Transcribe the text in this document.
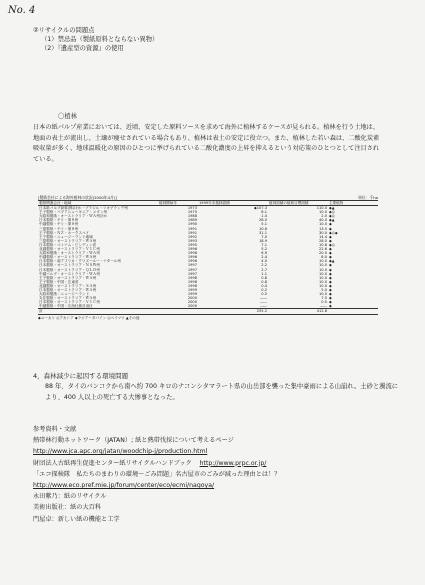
No. 4
②リサイクルの問題点
（1）禁忌品（製紙原料とならない異物）
（2）『遺産型の資源』の使用
〇植林
日本の紙パルプ産業においては、近頃、安定した原料ソースを求めて海外に植林するケースが見られる。植林を行う土地は、地面の表土が流出し、土壌が痩せされている場合もあり、植林は表土の安定に役立つ。また、植林した若い森は、二酸化炭素吸収量が多く、地球温暖化の原因のひとつに挙げられている二酸化濃度の上昇を抑えるという対応策のひとつとして注目されている。
[製紙会社による海外植林の状況(2000年4月)]	単位：千ha
製紙関連会社・地域	植林開始年	1999年末植林面積	植林面積の植林目標面積	主要植物
日本紙パルプ商事(株)ほか・ブラジル・リオグランデ州	1973	◆107.3	110.0	◆▲
王子製紙・パプアニューギニア・メダン州	1975	8.1	10.0	◆◎
大昭和製紙・オーストラリア・ＷＡ州ほか	1988	1.4	2.0	◆◎
日本製紙・チリ・第８州	1989	28.0	40.0	◆▲
中越製紙・チリ・第８州	1990	5.1	10.0	◆
三菱製紙・チリ・第８州	1991	10.8	13.5	◆
王子製紙・ＮＺ・ホークスベイ	1991	31.1	30.0	◆◎◆
王子製紙・ニュージーランド地域	1992	7.0	14.4	◆
三菱製紙・オーストラリア・ＷＡ州	1993	18.9	28.0	◆
日本製紙・ベトナム・ビンディン省	1995	7.1	10.8	◆◎
北越製紙・オーストラリア・ＶＩＣ州	1996	5.2	22.6	◆
大昭和製紙・オーストラリア・ＷＡ州	1996	6.9	20.0	◆
中越製紙・オーストラリア・ＷＡ州	1996	2.4	8.0	◆
日本製紙・南アフリカ・クワズールー・ナタール州	1996	4.0	10.0	◆▲
日本製紙・オーストラリア・ＮＳＷ州	1997	2.2	10.0	◆
日本製紙・オーストラリア・ＱＬＤ州	1997	2.7	10.0	◆
中越パルプ・オーストラリア・ＷＡ州	1997	1.1	10.0	◆
王子製紙・オーストラリア・ＷＡ州	1998	0.8	10.0	◆
王子製紙・中国・広東省	1998	0.8	10.0	◆
北越製紙・オーストラリア・ＳＡ州	1998	0.4	10.0	◆
日本製紙・オーストラリア・ＷＡ州	1999	0.2	5.0	◆
大昭和製紙・ニュージーランド	1999	0.5	10.0	◆
丸住製紙・オーストラリア・ＷＡ州	2000	――	7.5	◆
日本製紙・オーストラリア・ＶＩＣ州	2000	――	0.5	◆
中越製紙・中国・広西壮族自治区	2000	――	――	◆
計		255.2	412.8	
◆ユーカリ ◎アカシア ◆ラジアータパイン ◎ベイマツ ▲その他
4，森林減少に起因する環境問題
88 年、タイのバンコクから南へ約 700 キロのナコンシタマラート県の山岳部を襲った集中豪雨による山崩れ。土砂と濁流により、400 人以上の死亡する大惨事となった。
参考資料・文献
熱帯林行動ネットワーク（JATAN）; 紙と熱帯伐採について考えるページ
http://www.jca.apc.org/jatan/woodchip-j/production.html
財団法人古紙再生促進センター紙リサイクルハンドブック http://www.prpc.or.jp/
「エコ探検隊　私たちのまわりの環境～ごみ問題」名古屋市のごみが減った理由とは！？
http://www.eco.pref.mie.jp/forum/center/eco/ecmi/nagoya/
永田紫乃：紙のリサイクル
美術出版社：紙の大百科
門屋卓：新しい紙の機能と工学
